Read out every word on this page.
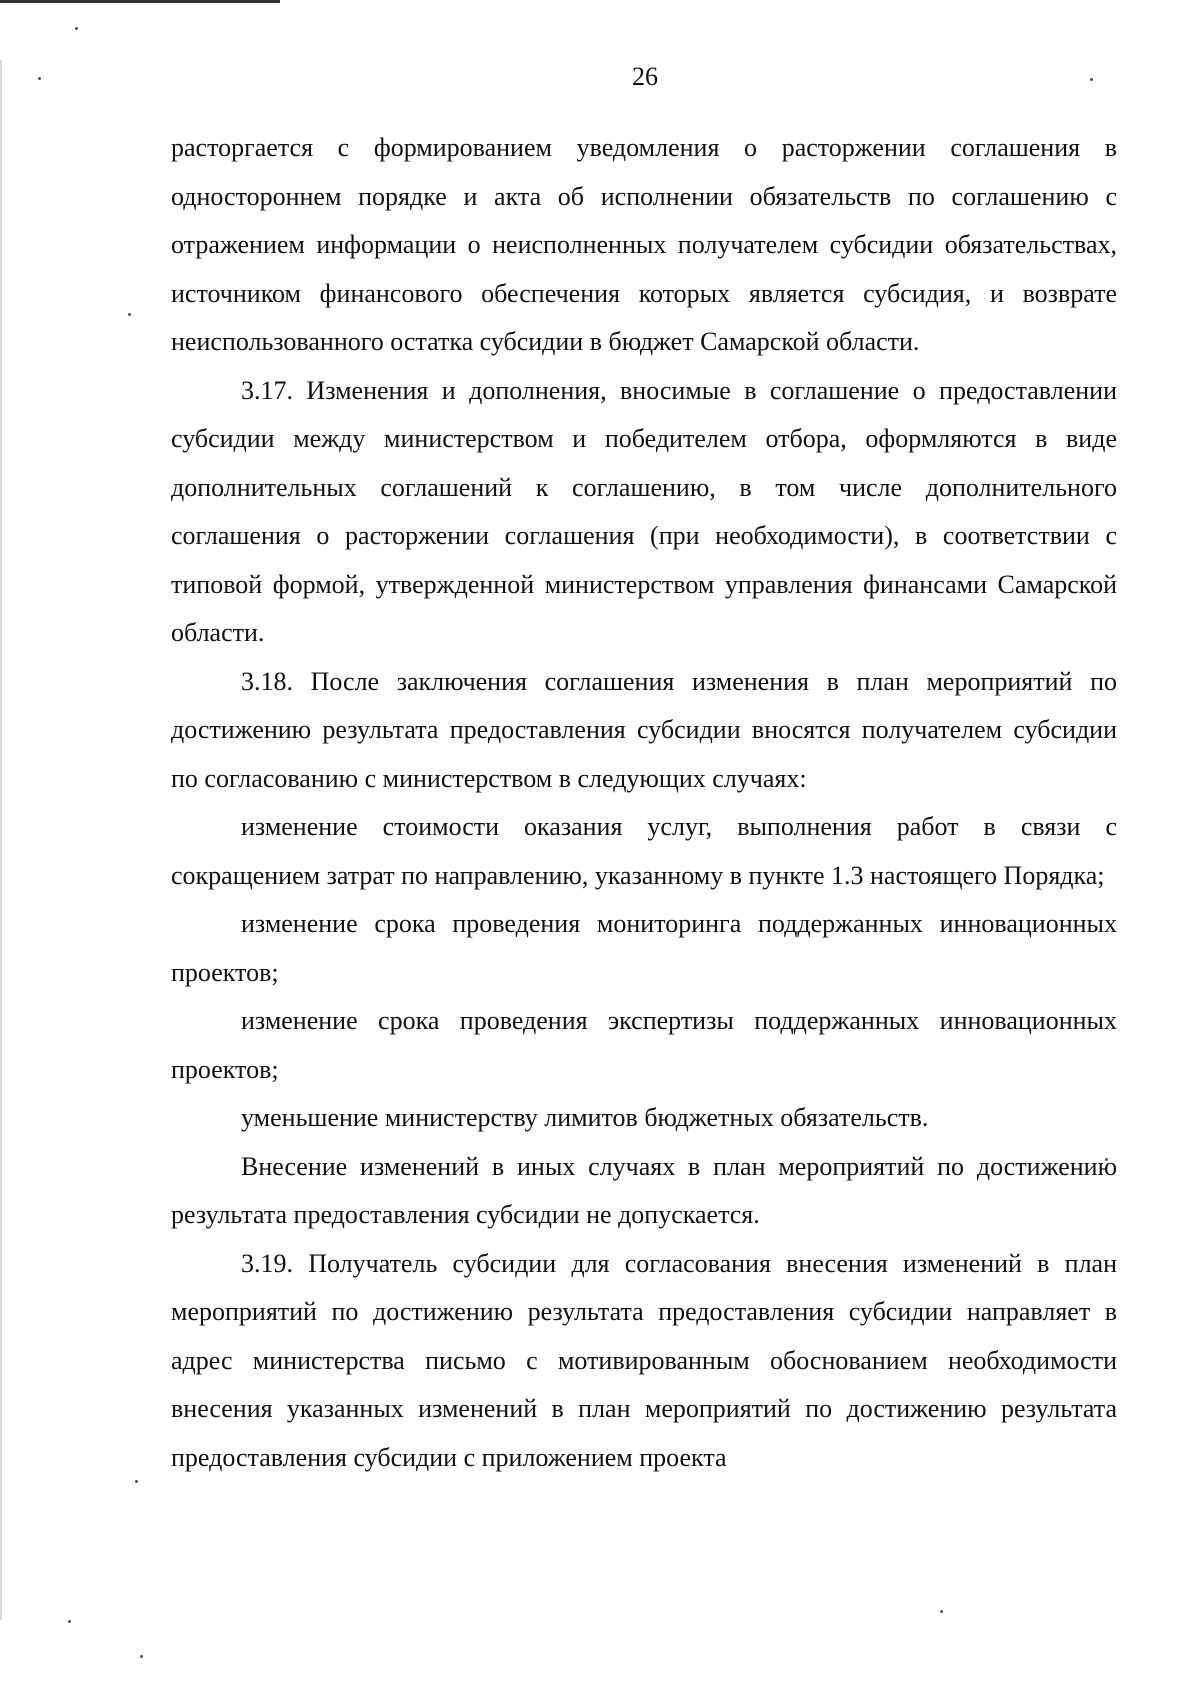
26

расторгается с формированием уведомления о расторжении соглашения в одностороннем порядке и акта об исполнении обязательств по соглашению с отражением информации о неисполненных получателем субсидии обязательствах, источником финансового обеспечения которых является субсидия, и возврате неиспользованного остатка субсидии в бюджет Самарской области.

3.17. Изменения и дополнения, вносимые в соглашение о предоставлении субсидии между министерством и победителем отбора, оформляются в виде дополнительных соглашений к соглашению, в том числе дополнительного соглашения о расторжении соглашения (при необходимости), в соответствии с типовой формой, утвержденной министерством управления финансами Самарской области.

3.18. После заключения соглашения изменения в план мероприятий по достижению результата предоставления субсидии вносятся получателем субсидии по согласованию с министерством в следующих случаях:

изменение стоимости оказания услуг, выполнения работ в связи с сокращением затрат по направлению, указанному в пункте 1.3 настоящего Порядка;

изменение срока проведения мониторинга поддержанных инновационных проектов;

изменение срока проведения экспертизы поддержанных инновационных проектов;

уменьшение министерству лимитов бюджетных обязательств.

Внесение изменений в иных случаях в план мероприятий по достижению результата предоставления субсидии не допускается.

3.19. Получатель субсидии для согласования внесения изменений в план мероприятий по достижению результата предоставления субсидии направляет в адрес министерства письмо с мотивированным обоснованием необходимости внесения указанных изменений в план мероприятий по достижению результата предоставления субсидии с приложением проекта
